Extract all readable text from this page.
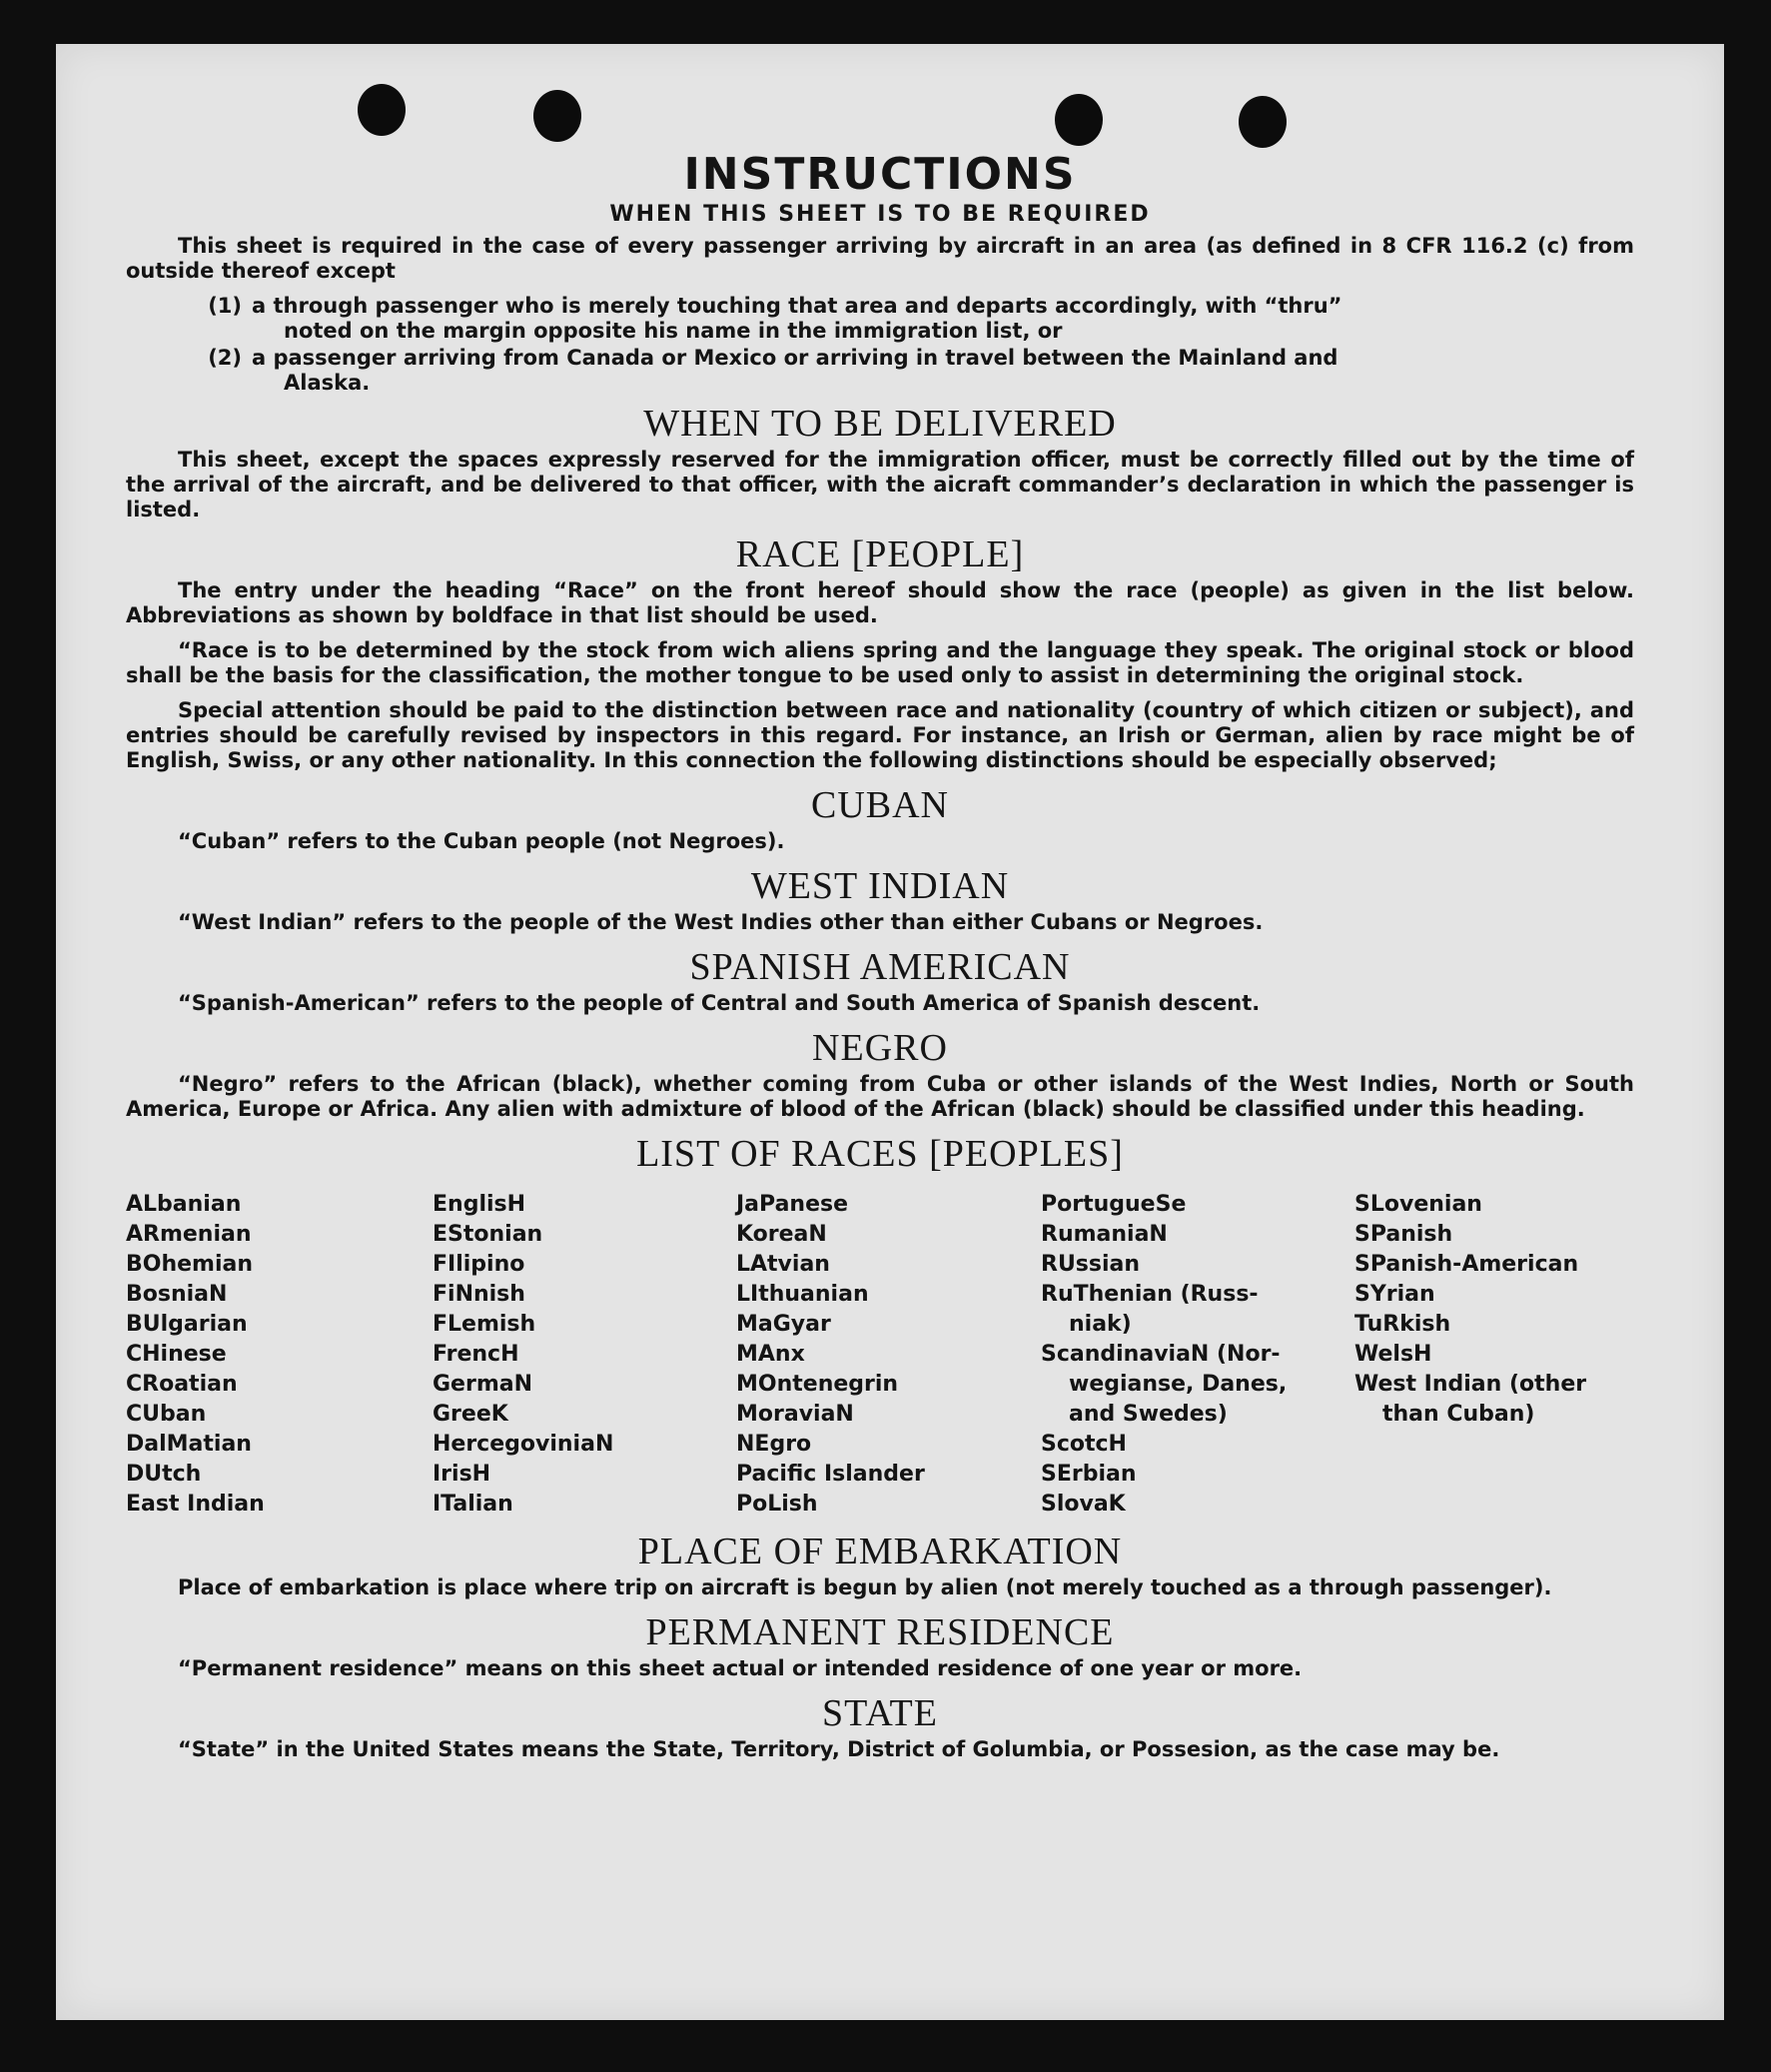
INSTRUCTIONS
WHEN THIS SHEET IS TO BE REQUIRED

This sheet is required in the case of every passenger arriving by aircraft in an area (as defined in 8 CFR 116.2 (c) from outside thereof except

(1) a through passenger who is merely touching that area and departs accordingly, with “thru”
noted on the margin opposite his name in the immigration list, or
(2) a passenger arriving from Canada or Mexico or arriving in travel between the Mainland and
Alaska.
WHEN TO BE DELIVERED

This sheet, except the spaces expressly reserved for the immigration officer, must be correctly filled out by the time of the arrival of the aircraft, and be delivered to that officer, with the aicraft commander’s declaration in which the passenger is listed.

RACE [PEOPLE]

The entry under the heading “Race” on the front hereof should show the race (people) as given in the list below. Abbreviations as shown by boldface in that list should be used.

“Race is to be determined by the stock from wich aliens spring and the language they speak. The original stock or blood shall be the basis for the classification, the mother tongue to be used only to assist in determining the original stock.

Special attention should be paid to the distinction between race and nationality (country of which citizen or subject), and entries should be carefully revised by inspectors in this regard. For instance, an Irish or German, alien by race might be of English, Swiss, or any other nationality. In this connection the following distinctions should be especially observed;

CUBAN

“Cuban” refers to the Cuban people (not Negroes).

WEST INDIAN

“West Indian” refers to the people of the West Indies other than either Cubans or Negroes.

SPANISH AMERICAN

“Spanish-American” refers to the people of Central and South America of Spanish descent.

NEGRO

“Negro” refers to the African (black), whether coming from Cuba or other islands of the West Indies, North or South America, Europe or Africa. Any alien with admixture of blood of the African (black) should be classified under this heading.

LIST OF RACES [PEOPLES]
ALbanian
ARmenian
BOhemian
BosniaN
BUlgarian
CHinese
CRoatian
CUban
DalMatian
DUtch
East Indian
EnglisH
EStonian
FIlipino
FiNnish
FLemish
FrencH
GermaN
GreeK
HercegoviniaN
IrisH
ITalian
JaPanese
KoreaN
LAtvian
LIthuanian
MaGyar
MAnx
MOntenegrin
MoraviaN
NEgro
Pacific Islander
PoLish
PortugueSe
RumaniaN
RUssian
RuThenian (Russ-
niak)
ScandinaviaN (Nor-
wegianse, Danes,
and Swedes)
ScotcH
SErbian
SlovaK
SLovenian
SPanish
SPanish-American
SYrian
TuRkish
WelsH
West Indian (other
than Cuban)
PLACE OF EMBARKATION

Place of embarkation is place where trip on aircraft is begun by alien (not merely touched as a through passenger).

PERMANENT RESIDENCE

“Permanent residence” means on this sheet actual or intended residence of one year or more.

STATE

“State” in the United States means the State, Territory, District of Golumbia, or Possesion, as the case may be.
